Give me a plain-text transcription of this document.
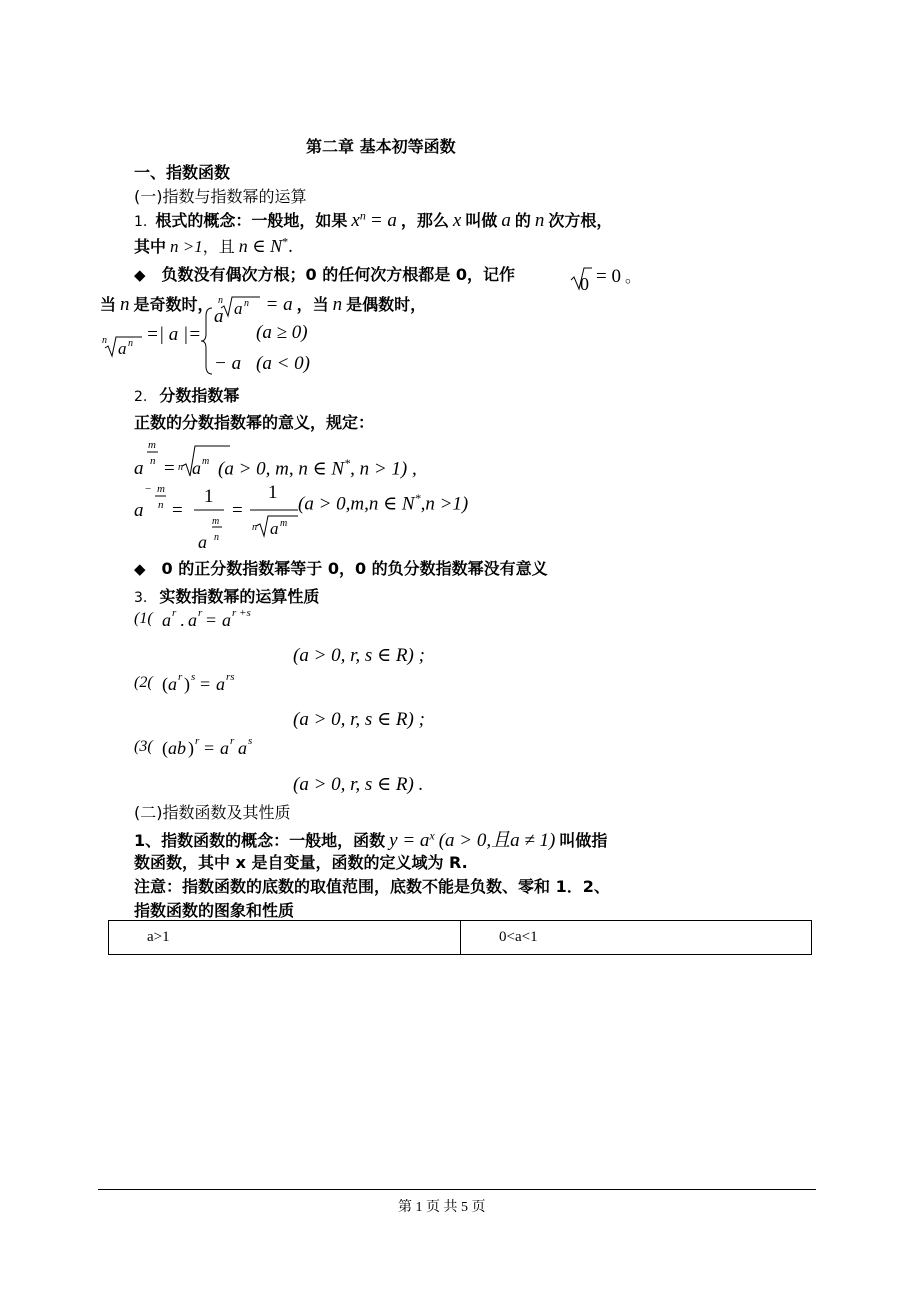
第二章 基本初等函数
一、指数函数
(一)指数与指数幂的运算
1. 根式的概念：一般地，如果 $x^n = a$ ，那么 x 叫做 a 的 n 次方根，
其中 n >1，且 n ∈ N*.
◆ 负数没有偶次方根；0 的任何次方根都是 0，记作	0 = 0 。
当 n 是奇数时， n a n = a ，当 n 是偶数时，
n a n =| a |=
a
(a ≥ 0)
− a (a < 0)
2. 分数指数幂
正数的分数指数幂的意义，规定：
a
m
n = n a m (a > 0, m, n ∈ N*, n > 1) ,
a
− m
n =
1
m
a n
=
1
n a m
(a > 0,m,n ∈ N*,n >1)
◆ 0 的正分数指数幂等于 0，0 的负分数指数幂没有意义
3. 实数指数幂的运算性质
(1( a r . a r = a r +s
(a > 0, r, s ∈ R) ;
(2( ( a r ) s = a rs
(a > 0, r, s ∈ R) ;
(3( ( ab ) r = a r a s
(a > 0, r, s ∈ R) .
(二)指数函数及其性质
1、指数函数的概念：一般地，函数 $y = a^x$ (a > 0,且a ≠ 1) 叫做指
数函数，其中 x 是自变量，函数的定义域为 R.
注意：指数函数的底数的取值范围，底数不能是负数、零和 1．2、
指数函数的图象和性质
a>1	0<a<1
第 1 页 共 5 页
